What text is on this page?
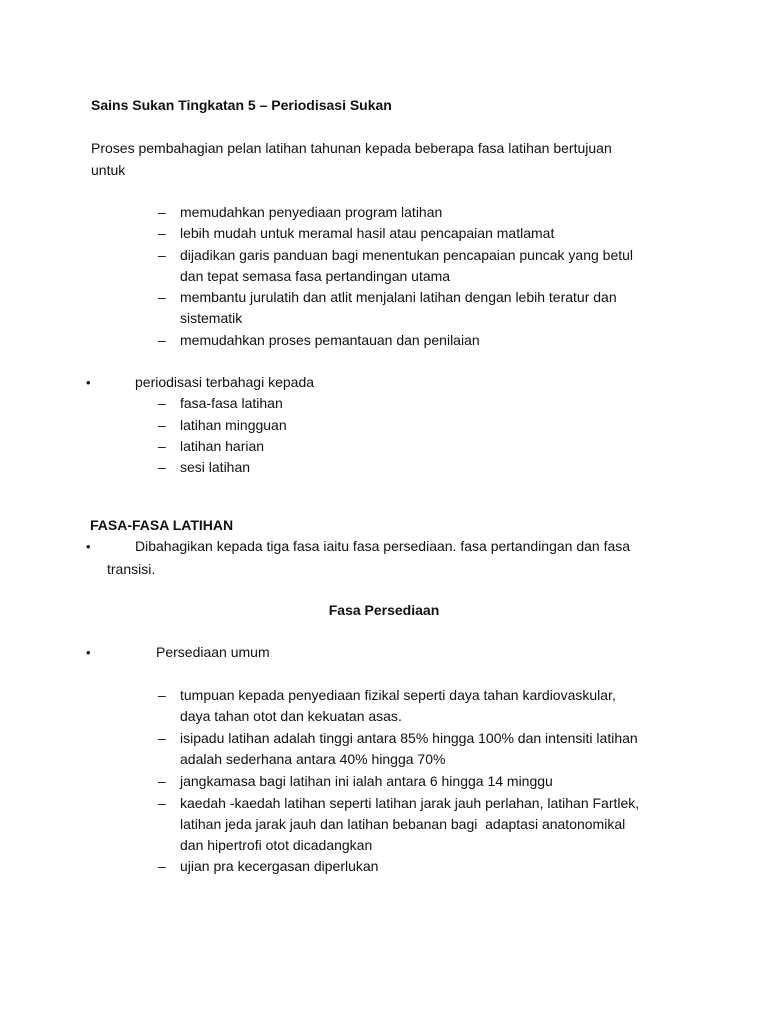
Sains Sukan Tingkatan 5 – Periodisasi Sukan
Proses pembahagian pelan latihan tahunan kepada beberapa fasa latihan bertujuan
untuk
– memudahkan penyediaan program latihan
– lebih mudah untuk meramal hasil atau pencapaian matlamat
– dijadikan garis panduan bagi menentukan pencapaian puncak yang betul
dan tepat semasa fasa pertandingan utama
– membantu jurulatih dan atlit menjalani latihan dengan lebih teratur dan
sistematik
– memudahkan proses pemantauan dan penilaian
•	periodisasi terbahagi kepada
– fasa-fasa latihan
– latihan mingguan
– latihan harian
– sesi latihan
FASA-FASA LATIHAN
•	Dibahagikan kepada tiga fasa iaitu fasa persediaan. fasa pertandingan dan fasa
transisi.
Fasa Persediaan
•	Persediaan umum
– tumpuan kepada penyediaan fizikal seperti daya tahan kardiovaskular,
daya tahan otot dan kekuatan asas.
– isipadu latihan adalah tinggi antara 85% hingga 100% dan intensiti latihan
adalah sederhana antara 40% hingga 70%
– jangkamasa bagi latihan ini ialah antara 6 hingga 14 minggu
– kaedah -kaedah latihan seperti latihan jarak jauh perlahan, latihan Fartlek,
latihan jeda jarak jauh dan latihan bebanan bagi  adaptasi anatonomikal
dan hipertrofi otot dicadangkan
– ujian pra kecergasan diperlukan
